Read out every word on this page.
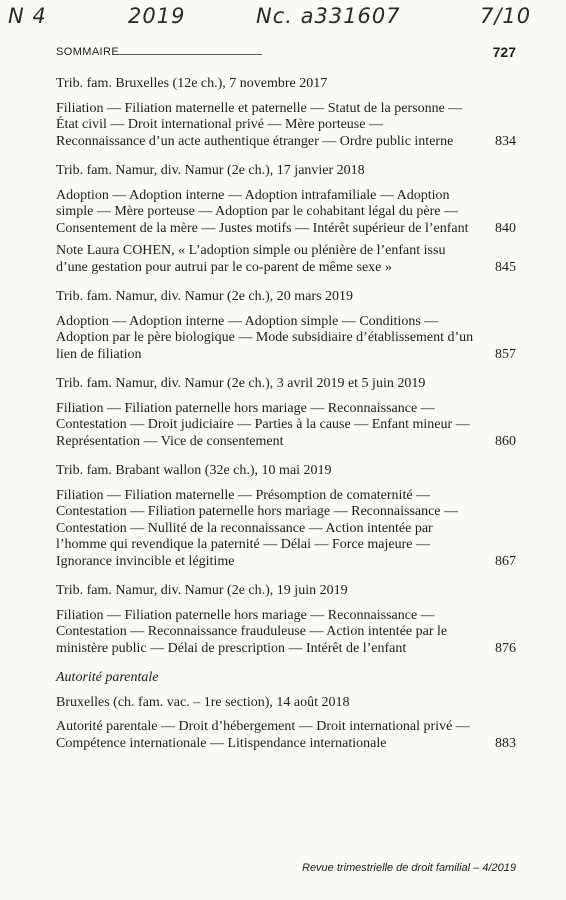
N 4	2019	Nc. a331607	7/10
SOMMAIRE	727
Trib. fam. Bruxelles (12e ch.), 7 novembre 2017
Filiation — Filiation maternelle et paternelle — Statut de la personne — État civil — Droit international privé — Mère porteuse — Reconnaissance d’un acte authentique étranger — Ordre public interne	834
Trib. fam. Namur, div. Namur (2e ch.), 17 janvier 2018
Adoption — Adoption interne — Adoption intrafamiliale — Adoption simple — Mère porteuse — Adoption par le cohabitant légal du père — Consentement de la mère — Justes motifs — Intérêt supérieur de l’enfant	840
Note Laura COHEN, « L’adoption simple ou plénière de l’enfant issu d’une gestation pour autrui par le co-parent de même sexe »	845
Trib. fam. Namur, div. Namur (2e ch.), 20 mars 2019
Adoption — Adoption interne — Adoption simple — Conditions — Adoption par le père biologique — Mode subsidiaire d’établissement d’un lien de filiation	857
Trib. fam. Namur, div. Namur (2e ch.), 3 avril 2019 et 5 juin 2019
Filiation — Filiation paternelle hors mariage — Reconnaissance — Contestation — Droit judiciaire — Parties à la cause — Enfant mineur — Représentation — Vice de consentement	860
Trib. fam. Brabant wallon (32e ch.), 10 mai 2019
Filiation — Filiation maternelle — Présomption de comaternité — Contestation — Filiation paternelle hors mariage — Reconnaissance — Contestation — Nullité de la reconnaissance — Action intentée par l’homme qui revendique la paternité — Délai — Force majeure — Ignorance invincible et légitime	867
Trib. fam. Namur, div. Namur (2e ch.), 19 juin 2019
Filiation — Filiation paternelle hors mariage — Reconnaissance — Contestation — Reconnaissance frauduleuse — Action intentée par le ministère public — Délai de prescription — Intérêt de l’enfant	876
Autorité parentale
Bruxelles (ch. fam. vac. – 1re section), 14 août 2018
Autorité parentale — Droit d’hébergement — Droit international privé — Compétence internationale — Litispendance internationale	883
Revue trimestrielle de droit familial – 4/2019
